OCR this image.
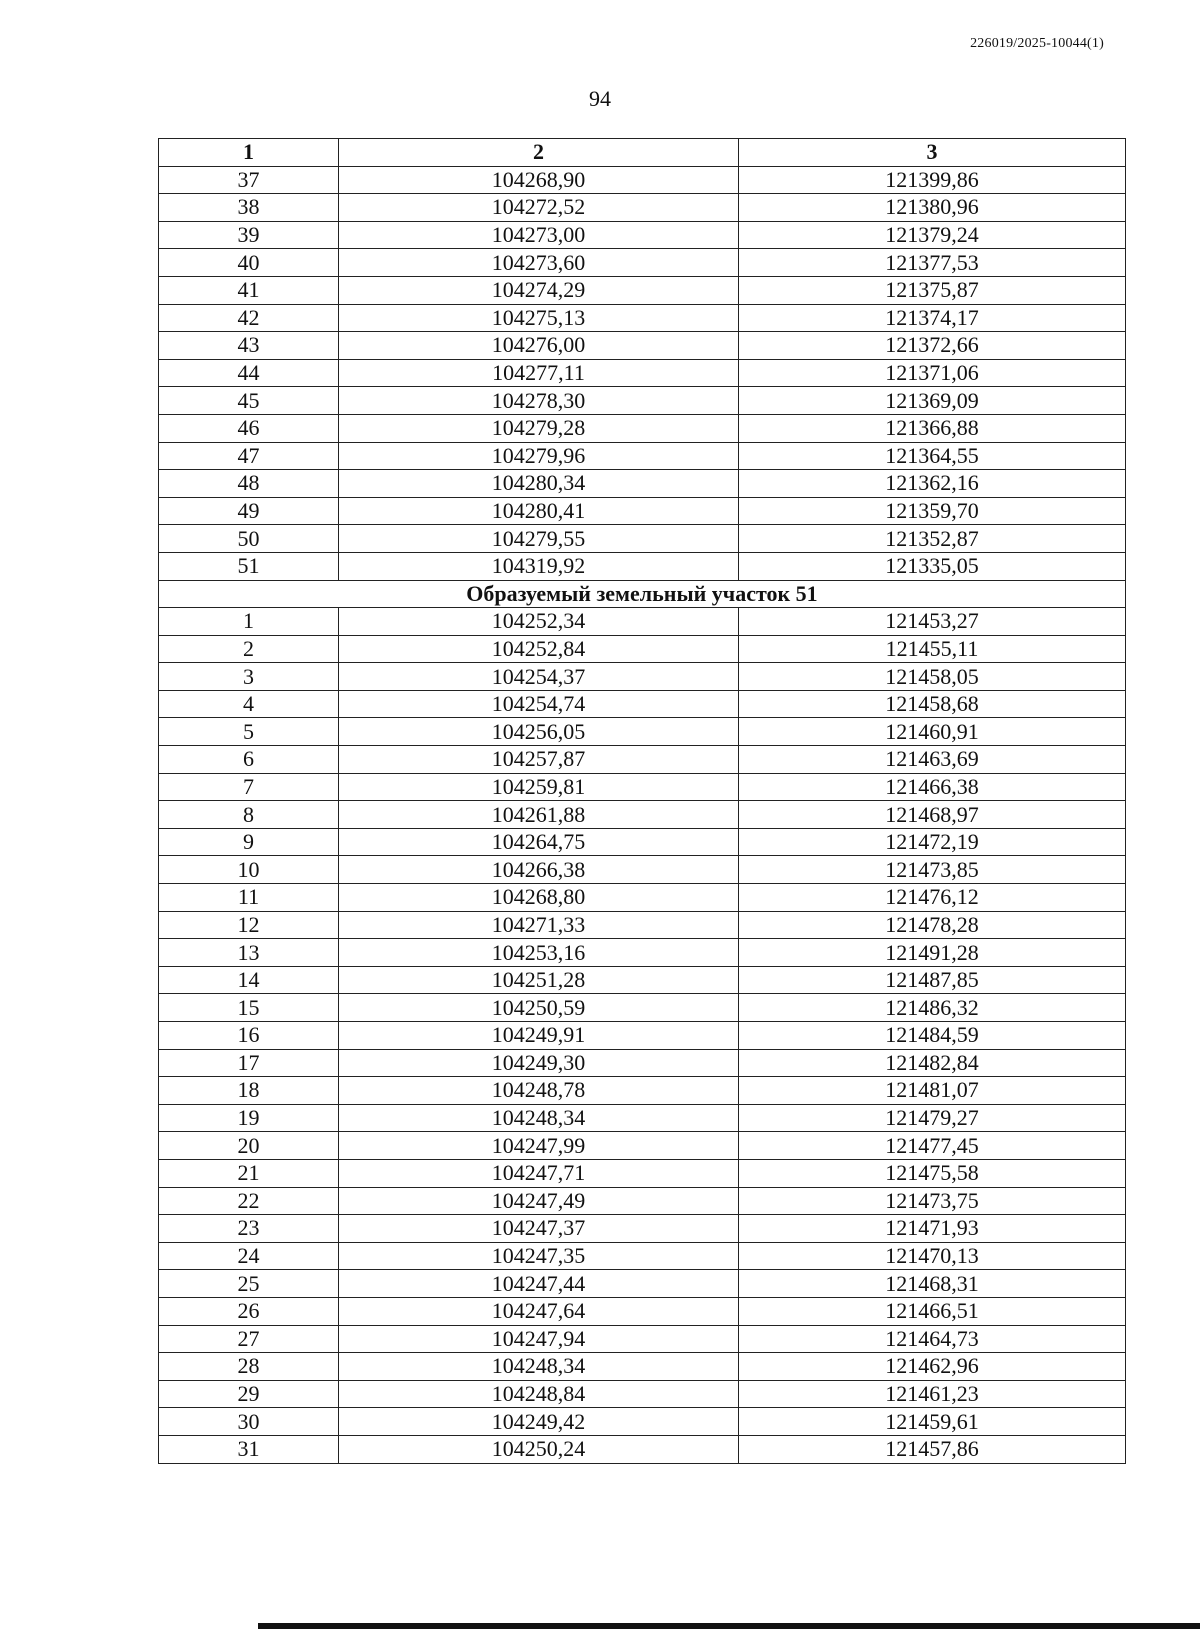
226019/2025-10044(1)
94
1	2	3
37	104268,90	121399,86
38	104272,52	121380,96
39	104273,00	121379,24
40	104273,60	121377,53
41	104274,29	121375,87
42	104275,13	121374,17
43	104276,00	121372,66
44	104277,11	121371,06
45	104278,30	121369,09
46	104279,28	121366,88
47	104279,96	121364,55
48	104280,34	121362,16
49	104280,41	121359,70
50	104279,55	121352,87
51	104319,92	121335,05
Образуемый земельный участок 51		
1	104252,34	121453,27
2	104252,84	121455,11
3	104254,37	121458,05
4	104254,74	121458,68
5	104256,05	121460,91
6	104257,87	121463,69
7	104259,81	121466,38
8	104261,88	121468,97
9	104264,75	121472,19
10	104266,38	121473,85
11	104268,80	121476,12
12	104271,33	121478,28
13	104253,16	121491,28
14	104251,28	121487,85
15	104250,59	121486,32
16	104249,91	121484,59
17	104249,30	121482,84
18	104248,78	121481,07
19	104248,34	121479,27
20	104247,99	121477,45
21	104247,71	121475,58
22	104247,49	121473,75
23	104247,37	121471,93
24	104247,35	121470,13
25	104247,44	121468,31
26	104247,64	121466,51
27	104247,94	121464,73
28	104248,34	121462,96
29	104248,84	121461,23
30	104249,42	121459,61
31	104250,24	121457,86
